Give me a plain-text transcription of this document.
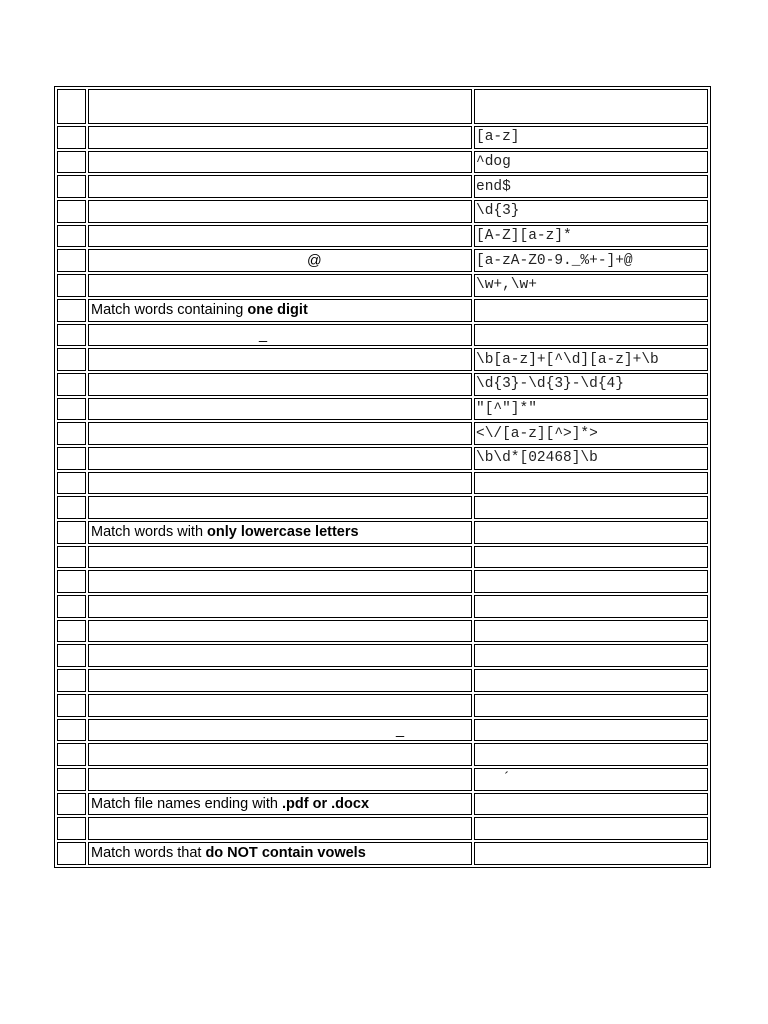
[a-z]
^dog
end$
\d{3}
[A-Z][a-z]*
@	[a-zA-Z0-9._%+-]+@
\w+,\w+
Match words containing one digit
_
\b[a-z]+[^\d][a-z]+\b
\d{3}-\d{3}-\d{4}
"[^"]*"
<\/[a-z][^>]*>
\b\d*[02468]\b
Match words with only lowercase letters
_
´
Match file names ending with .pdf or .docx
Match words that do NOT contain vowels
